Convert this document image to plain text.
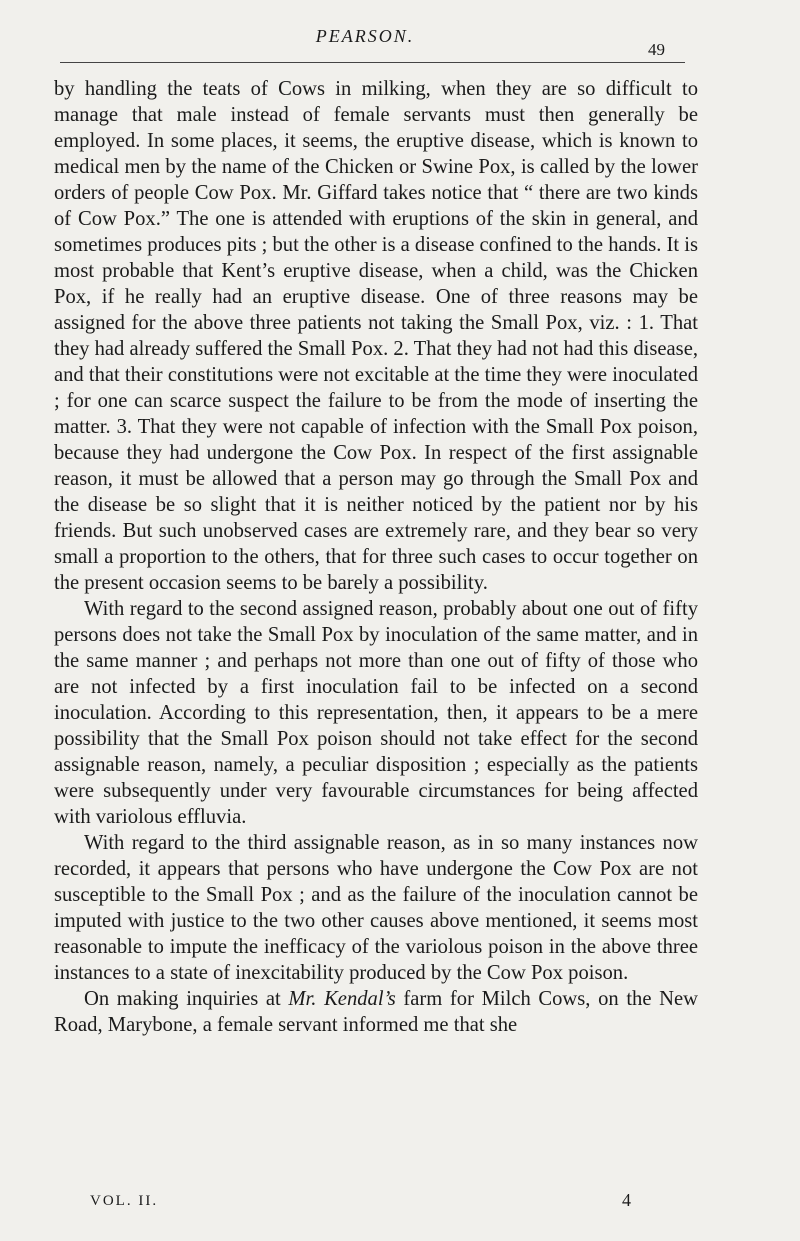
PEARSON.
49

by handling the teats of Cows in milking, when they are so difficult to manage that male instead of female servants must then generally be employed. In some places, it seems, the eruptive disease, which is known to medical men by the name of the Chicken or Swine Pox, is called by the lower orders of people Cow Pox. Mr. Giffard takes notice that “ there are two kinds of Cow Pox.” The one is attended with eruptions of the skin in general, and sometimes produces pits ; but the other is a disease confined to the hands. It is most probable that Kent’s eruptive disease, when a child, was the Chicken Pox, if he really had an eruptive disease. One of three reasons may be assigned for the above three patients not taking the Small Pox, viz. : 1. That they had already suffered the Small Pox. 2. That they had not had this disease, and that their constitutions were not excitable at the time they were inoculated ; for one can scarce suspect the failure to be from the mode of inserting the matter. 3. That they were not capable of infection with the Small Pox poison, because they had undergone the Cow Pox. In respect of the first assignable reason, it must be allowed that a person may go through the Small Pox and the disease be so slight that it is neither noticed by the patient nor by his friends. But such unobserved cases are extremely rare, and they bear so very small a proportion to the others, that for three such cases to occur together on the present occasion seems to be barely a possibility.

With regard to the second assigned reason, probably about one out of fifty persons does not take the Small Pox by inoculation of the same matter, and in the same manner ; and perhaps not more than one out of fifty of those who are not infected by a first inoculation fail to be infected on a second inoculation. According to this representation, then, it appears to be a mere possibility that the Small Pox poison should not take effect for the second assignable reason, namely, a peculiar disposition ; especially as the patients were subsequently under very favourable circumstances for being affected with variolous effluvia.

With regard to the third assignable reason, as in so many instances now recorded, it appears that persons who have undergone the Cow Pox are not susceptible to the Small Pox ; and as the failure of the inoculation cannot be imputed with justice to the two other causes above mentioned, it seems most reasonable to impute the inefficacy of the variolous poison in the above three instances to a state of inexcitability produced by the Cow Pox poison.

On making inquiries at Mr. Kendal’s farm for Milch Cows, on the New Road, Marybone, a female servant informed me that she

VOL. II.	4
